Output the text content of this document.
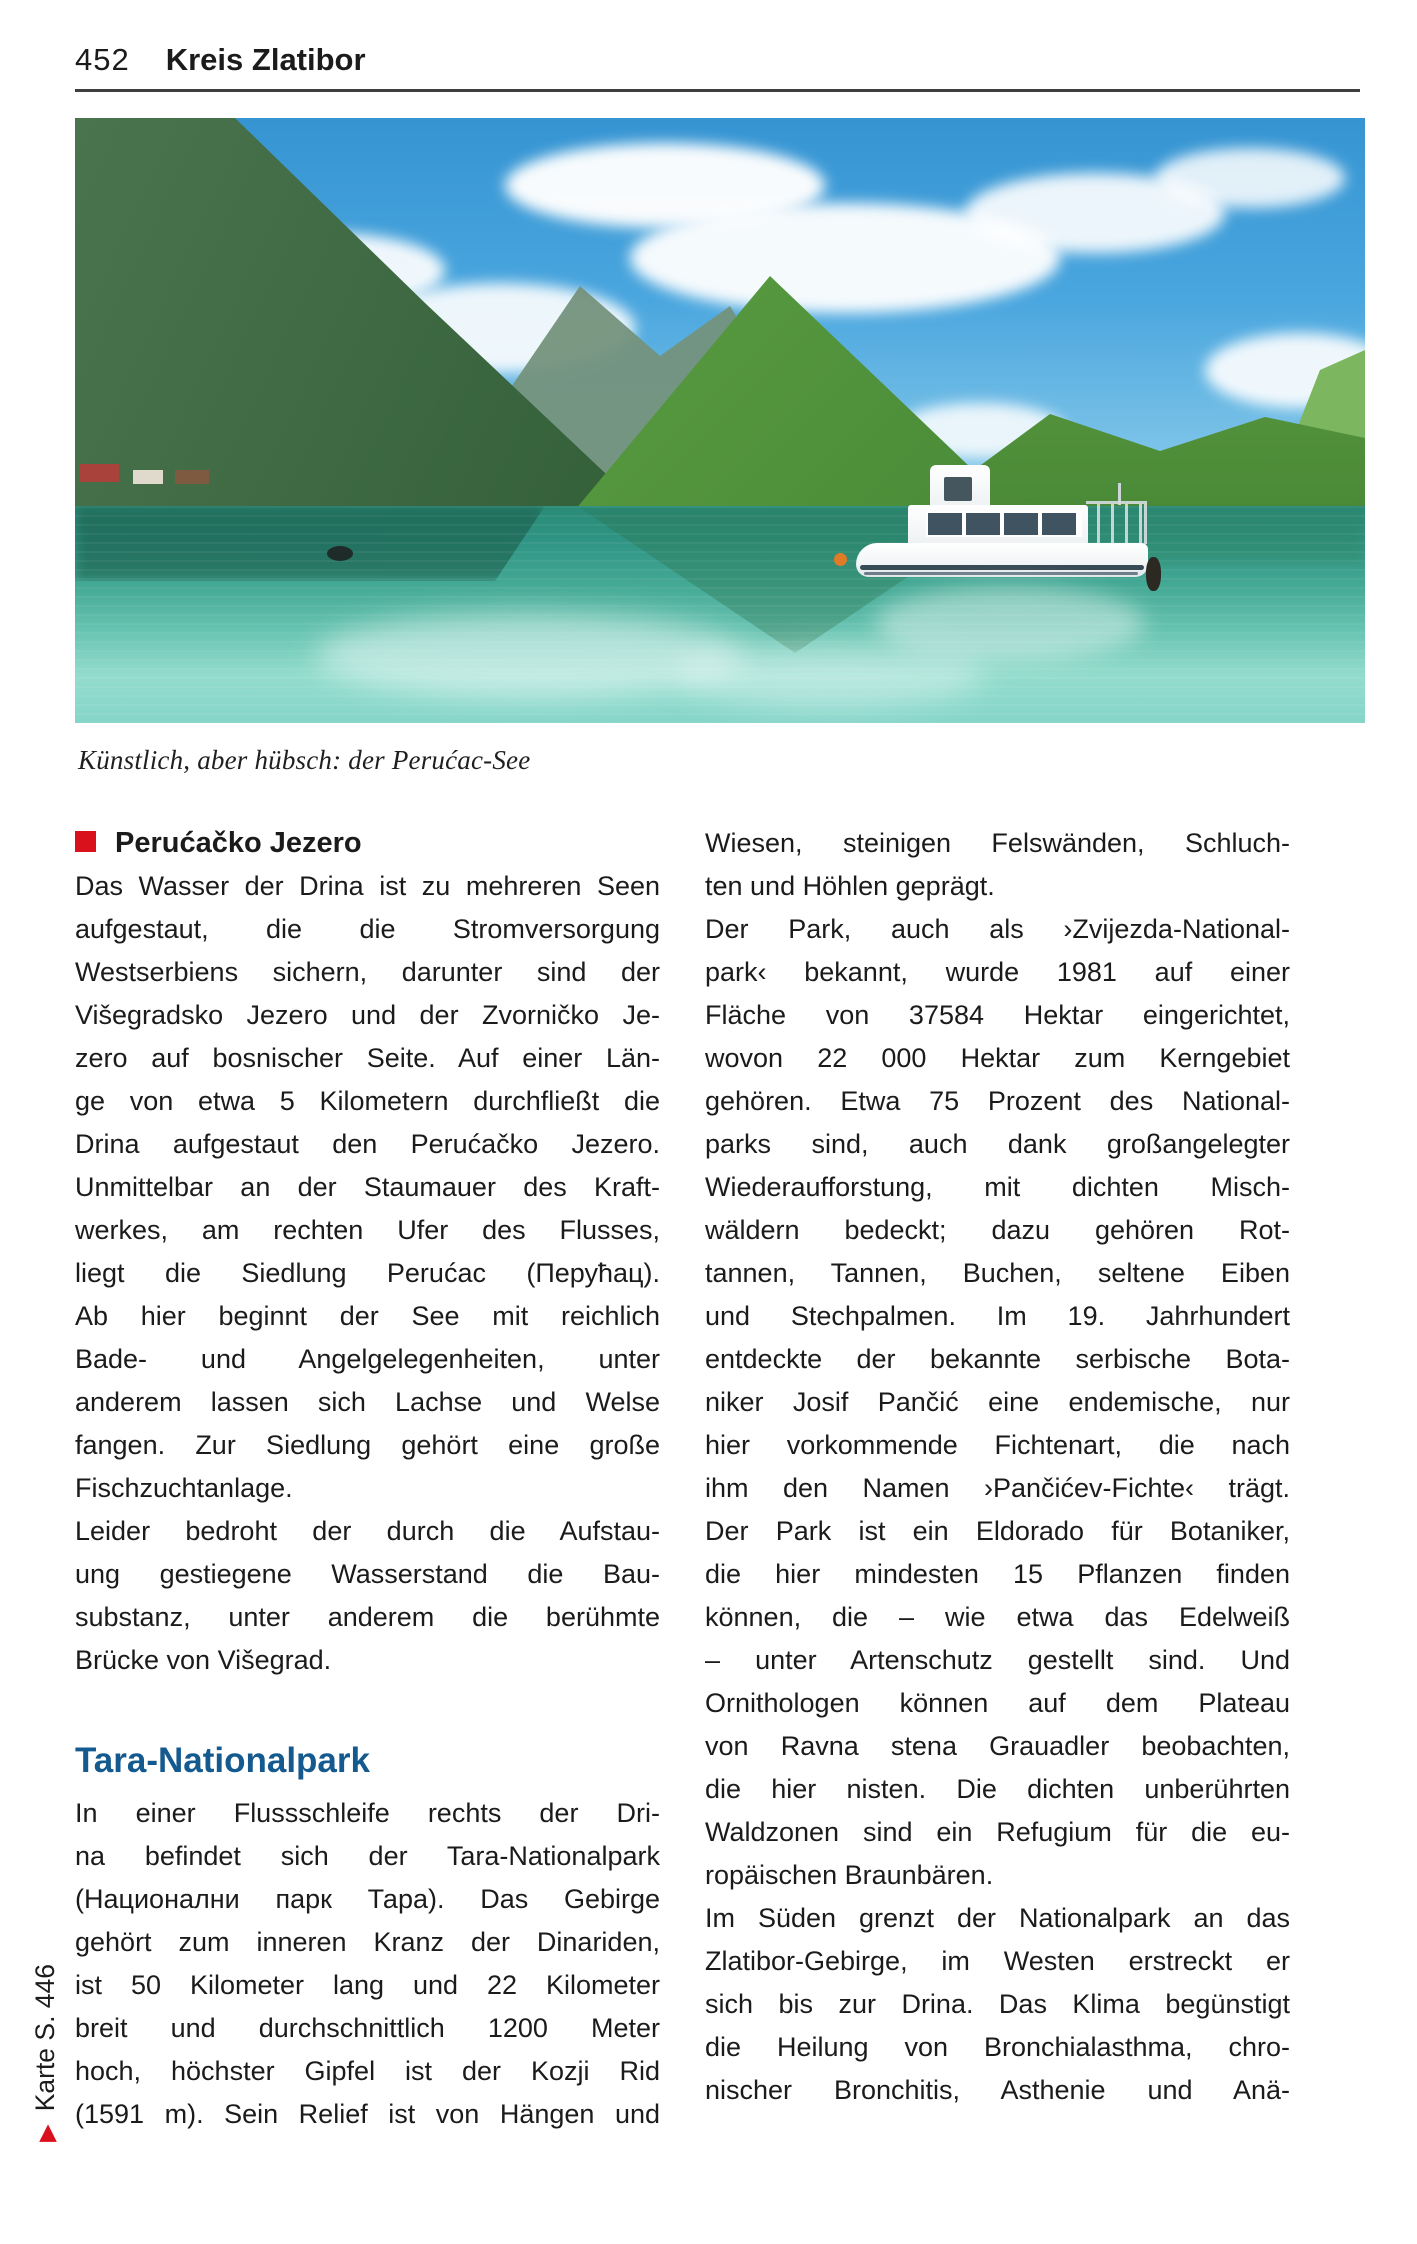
452 Kreis Zlatibor
Künstlich, aber hübsch: der Perućac-See
Perućačko Jezero
Das Wasser der Drina ist zu mehreren Seen
aufgestaut, die die Stromversorgung
Westserbiens sichern, darunter sind der
Višegradsko Jezero und der Zvorničko Je-
zero auf bosnischer Seite. Auf einer Län-
ge von etwa 5 Kilometern durchfließt die
Drina aufgestaut den Perućačko Jezero.
Unmittelbar an der Staumauer des Kraft-
werkes, am rechten Ufer des Flusses,
liegt die Siedlung Perućac (Перућац).
Ab hier beginnt der See mit reichlich
Bade- und Angelgelegenheiten, unter
anderem lassen sich Lachse und Welse
fangen. Zur Siedlung gehört eine große
Fischzuchtanlage.
Leider bedroht der durch die Aufstau-
ung gestiegene Wasserstand die Bau-
substanz, unter anderem die berühmte
Brücke von Višegrad.
Tara-Nationalpark
In einer Flussschleife rechts der Dri-
na befindet sich der Tara-Nationalpark
(Национални парк Тара). Das Gebirge
gehört zum inneren Kranz der Dinariden,
ist 50 Kilometer lang und 22 Kilometer
breit und durchschnittlich 1200 Meter
hoch, höchster Gipfel ist der Kozji Rid
(1591 m). Sein Relief ist von Hängen und
Wiesen, steinigen Felswänden, Schluch-
ten und Höhlen geprägt.
Der Park, auch als ›Zvijezda-National-
park‹ bekannt, wurde 1981 auf einer
Fläche von 37584 Hektar eingerichtet,
wovon 22 000 Hektar zum Kerngebiet
gehören. Etwa 75 Prozent des National-
parks sind, auch dank großangelegter
Wiederaufforstung, mit dichten Misch-
wäldern bedeckt; dazu gehören Rot-
tannen, Tannen, Buchen, seltene Eiben
und Stechpalmen. Im 19. Jahrhundert
entdeckte der bekannte serbische Bota-
niker Josif Pančić eine endemische, nur
hier vorkommende Fichtenart, die nach
ihm den Namen ›Pančićev-Fichte‹ trägt.
Der Park ist ein Eldorado für Botaniker,
die hier mindesten 15 Pflanzen finden
können, die – wie etwa das Edelweiß
– unter Artenschutz gestellt sind. Und
Ornithologen können auf dem Plateau
von Ravna stena Grauadler beobachten,
die hier nisten. Die dichten unberührten
Waldzonen sind ein Refugium für die eu-
ropäischen Braunbären.
Im Süden grenzt der Nationalpark an das
Zlatibor-Gebirge, im Westen erstreckt er
sich bis zur Drina. Das Klima begünstigt
die Heilung von Bronchialasthma, chro-
nischer Bronchitis, Asthenie und Anä-
▶Karte S. 446
